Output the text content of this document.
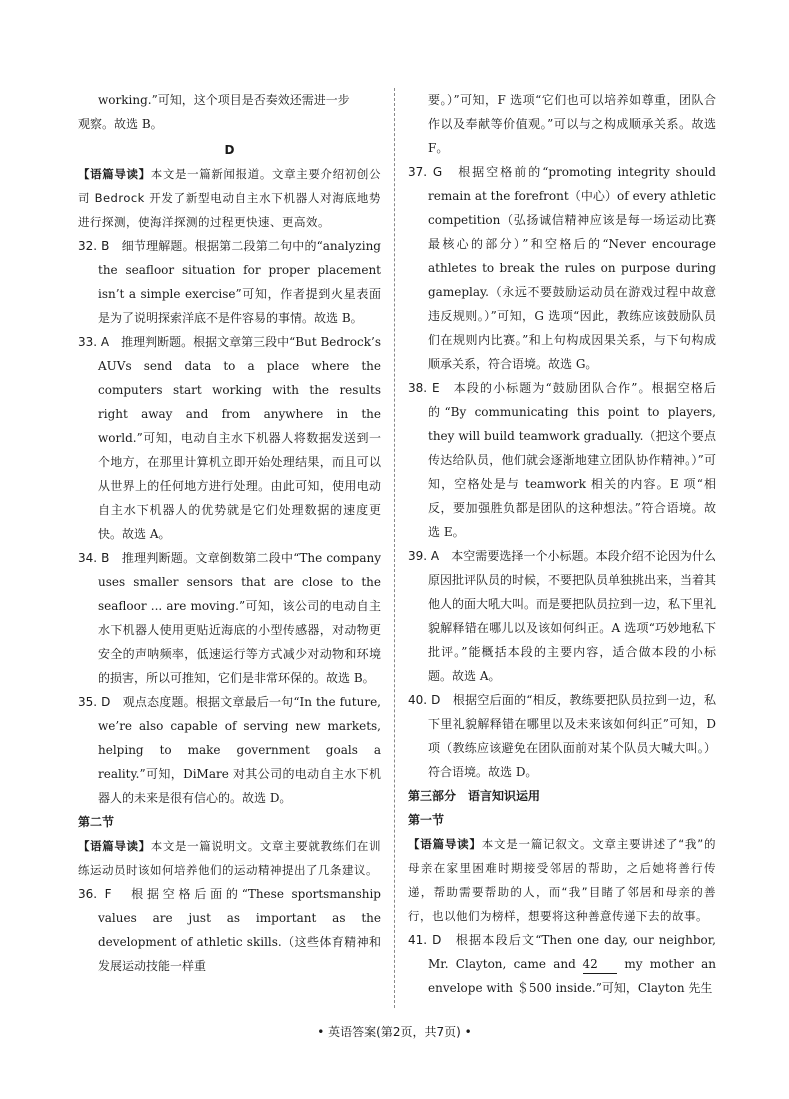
working.”可知，这个项目是否奏效还需进一步

观察。故选 B。

D

【语篇导读】本文是一篇新闻报道。文章主要介绍初创公司 Bedrock 开发了新型电动自主水下机器人对海底地势进行探测，使海洋探测的过程更快速、更高效。

32. B　 细节理解题。根据第二段第二句中的“analyzing the seafloor situation for proper placement isn’t a simple exercise”可知，作者提到火星表面是为了说明探索洋底不是件容易的事情。故选 B。

33. A　 推理判断题。根据文章第三段中“But Bedrock’s AUVs send data to a place where the computers start working with the results right away and from anywhere in the world.”可知，电动自主水下机器人将数据发送到一个地方，在那里计算机立即开始处理结果，而且可以从世界上的任何地方进行处理。由此可知，使用电动自主水下机器人的优势就是它们处理数据的速度更快。故选 A。

34. B　 推理判断题。文章倒数第二段中“The company uses smaller sensors that are close to the seafloor ... are moving.”可知，该公司的电动自主水下机器人使用更贴近海底的小型传感器，对动物更安全的声呐频率，低速运行等方式减少对动物和环境的损害，所以可推知，它们是非常环保的。故选 B。

35. D　 观点态度题。根据文章最后一句“In the future, we’re also capable of serving new markets, helping to make government goals a reality.”可知，DiMare 对其公司的电动自主水下机器人的未来是很有信心的。故选 D。

第二节

【语篇导读】本文是一篇说明文。文章主要就教练们在训练运动员时该如何培养他们的运动精神提出了几条建议。

36. F　 根据空格后面的“These sportsmanship values are just as important as the development of athletic skills.（这些体育精神和发展运动技能一样重

要。）”可知，F 选项“它们也可以培养如尊重，团队合作以及奉献等价值观。”可以与之构成顺承关系。故选 F。

37. G　 根据空格前的“promoting integrity should remain at the forefront（中心）of every athletic competition（弘扬诚信精神应该是每一场运动比赛最核心的部分）”和空格后的“Never encourage athletes to break the rules on purpose during gameplay.（永远不要鼓励运动员在游戏过程中故意违反规则。）”可知，G 选项“因此，教练应该鼓励队员们在规则内比赛。”和上句构成因果关系，与下句构成顺承关系，符合语境。故选 G。

38. E　 本段的小标题为“鼓励团队合作”。根据空格后的“By communicating this point to players, they will build teamwork gradually.（把这个要点传达给队员，他们就会逐渐地建立团队协作精神。）”可知，空格处是与 teamwork 相关的内容。E 项“相反，要加强胜负都是团队的这种想法。”符合语境。故选 E。

39. A　 本空需要选择一个小标题。本段介绍不论因为什么原因批评队员的时候，不要把队员单独挑出来，当着其他人的面大吼大叫。而是要把队员拉到一边，私下里礼貌解释错在哪儿以及该如何纠正。A 选项“巧妙地私下批评。”能概括本段的主要内容，适合做本段的小标题。故选 A。

40. D　 根据空后面的“相反，教练要把队员拉到一边，私下里礼貌解释错在哪里以及未来该如何纠正”可知，D 项（教练应该避免在团队面前对某个队员大喊大叫。）符合语境。故选 D。

第三部分　语言知识运用

第一节

【语篇导读】本文是一篇记叙文。文章主要讲述了“我”的母亲在家里困难时期接受邻居的帮助，之后她将善行传递，帮助需要帮助的人，而“我”目睹了邻居和母亲的善行，也以他们为榜样，想要将这种善意传递下去的故事。

41. D　 根据本段后文“Then one day, our neighbor, Mr. Clayton, came and 42 my mother an envelope with ＄500 inside.”可知，Clayton 先生

• 英语答案(第2页，共7页) •
